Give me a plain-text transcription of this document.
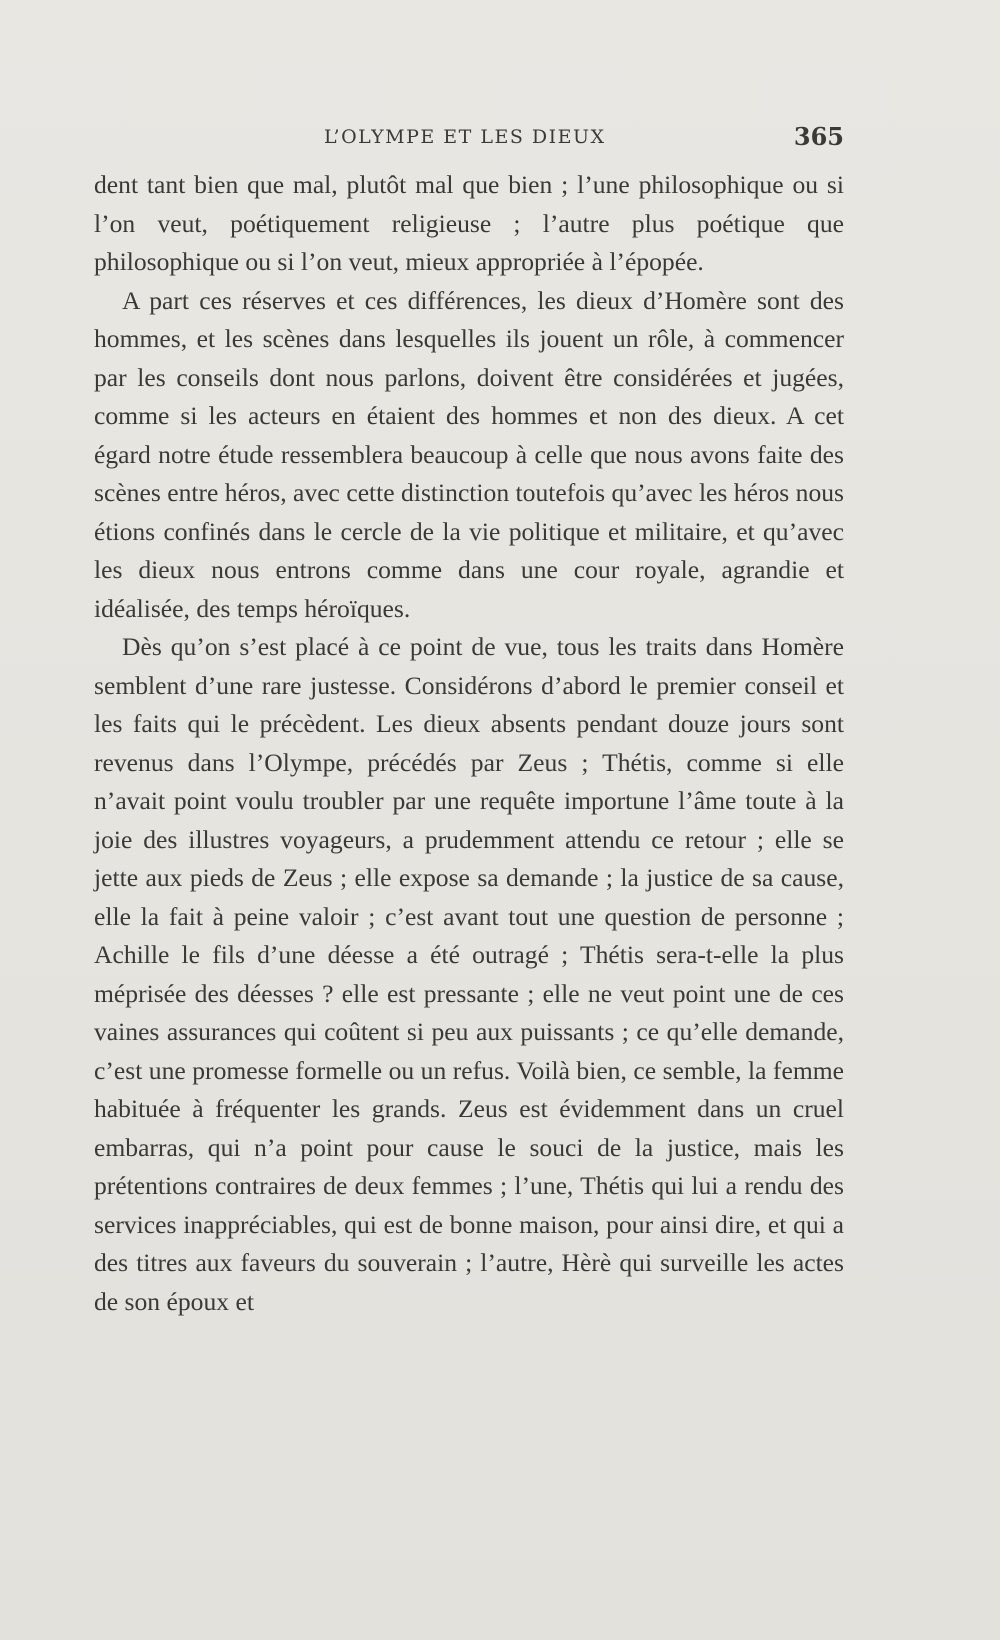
L’OLYMPE ET LES DIEUX	365

dent tant bien que mal, plutôt mal que bien ; l’une philosophique ou si l’on veut, poétiquement religieuse ; l’autre plus poétique que philosophique ou si l’on veut, mieux appropriée à l’épopée.

A part ces réserves et ces différences, les dieux d’Homère sont des hommes, et les scènes dans lesquelles ils jouent un rôle, à commencer par les conseils dont nous parlons, doivent être considérées et jugées, comme si les acteurs en étaient des hommes et non des dieux. A cet égard notre étude ressemblera beaucoup à celle que nous avons faite des scènes entre héros, avec cette distinction toutefois qu’avec les héros nous étions confinés dans le cercle de la vie politique et militaire, et qu’avec les dieux nous entrons comme dans une cour royale, agrandie et idéalisée, des temps héroïques.

Dès qu’on s’est placé à ce point de vue, tous les traits dans Homère semblent d’une rare justesse. Considérons d’abord le premier conseil et les faits qui le précèdent. Les dieux absents pendant douze jours sont revenus dans l’Olympe, précédés par Zeus ; Thétis, comme si elle n’avait point voulu troubler par une requête importune l’âme toute à la joie des illustres voyageurs, a prudemment attendu ce retour ; elle se jette aux pieds de Zeus ; elle expose sa demande ; la justice de sa cause, elle la fait à peine valoir ; c’est avant tout une question de personne ; Achille le fils d’une déesse a été outragé ; Thétis sera-t-elle la plus méprisée des déesses ? elle est pressante ; elle ne veut point une de ces vaines assurances qui coûtent si peu aux puissants ; ce qu’elle demande, c’est une promesse formelle ou un refus. Voilà bien, ce semble, la femme habituée à fréquenter les grands. Zeus est évidemment dans un cruel embarras, qui n’a point pour cause le souci de la justice, mais les prétentions contraires de deux femmes ; l’une, Thétis qui lui a rendu des services inappréciables, qui est de bonne maison, pour ainsi dire, et qui a des titres aux faveurs du souverain ; l’autre, Hèrè qui surveille les actes de son époux et
